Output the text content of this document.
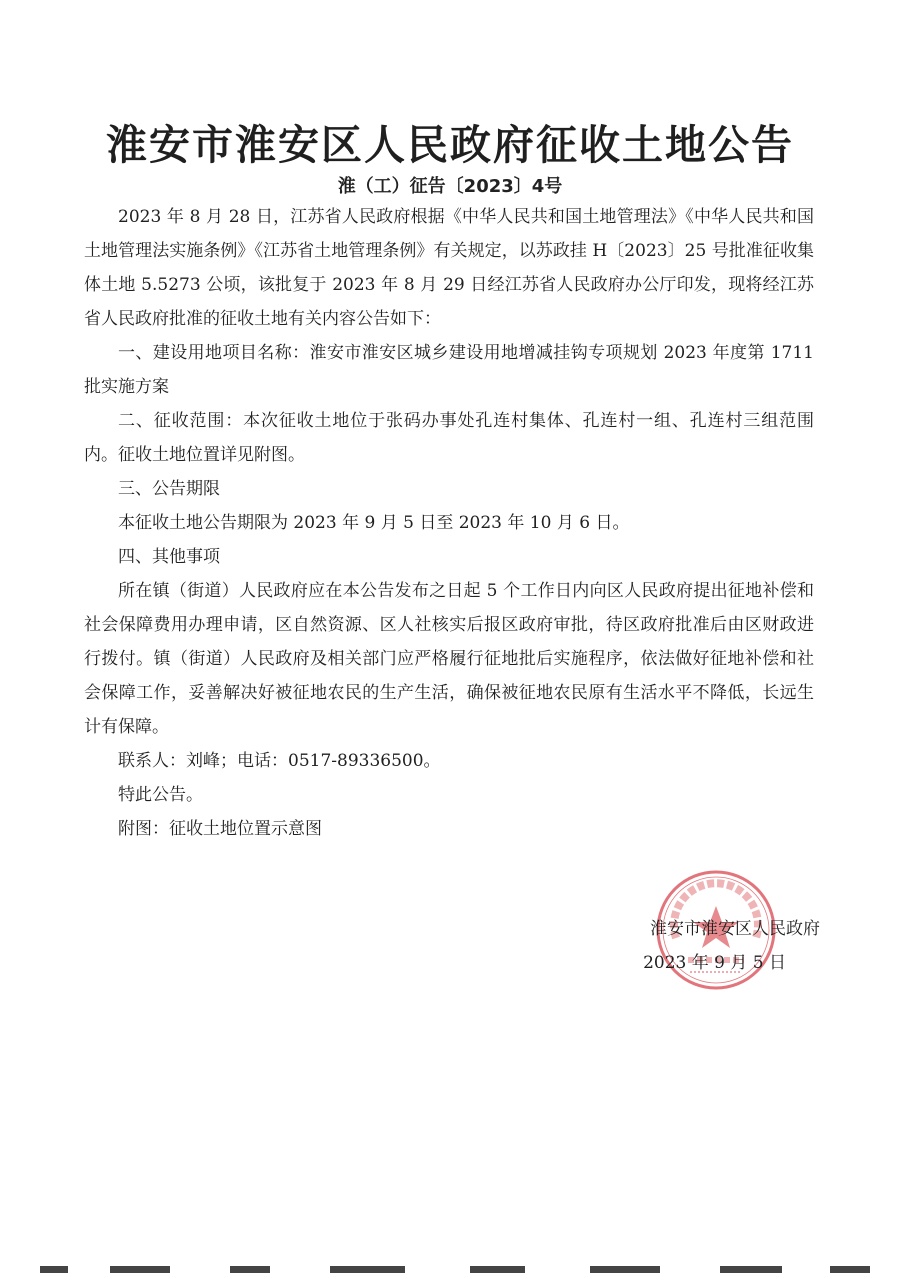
淮安市淮安区人民政府征收土地公告
淮（工）征告〔2023〕4号

2023 年 8 月 28 日，江苏省人民政府根据《中华人民共和国土地管理法》《中华人民共和国土地管理法实施条例》《江苏省土地管理条例》有关规定，以苏政挂 H〔2023〕25 号批准征收集体土地 5.5273 公顷，该批复于 2023 年 8 月 29 日经江苏省人民政府办公厅印发，现将经江苏省人民政府批准的征收土地有关内容公告如下：

一、建设用地项目名称：淮安市淮安区城乡建设用地增减挂钩专项规划 2023 年度第 1711 批实施方案

二、征收范围：本次征收土地位于张码办事处孔连村集体、孔连村一组、孔连村三组范围内。征收土地位置详见附图。

三、公告期限

本征收土地公告期限为 2023 年 9 月 5 日至 2023 年 10 月 6 日。

四、其他事项

所在镇（街道）人民政府应在本公告发布之日起 5 个工作日内向区人民政府提出征地补偿和社会保障费用办理申请，区自然资源、区人社核实后报区政府审批，待区政府批准后由区财政进行拨付。镇（街道）人民政府及相关部门应严格履行征地批后实施程序，依法做好征地补偿和社会保障工作，妥善解决好被征地农民的生产生活，确保被征地农民原有生活水平不降低，长远生计有保障。

联系人：刘峰；电话：0517-89336500。

特此公告。

附图：征收土地位置示意图

淮安市淮安区人民政府
2023 年 9 月 5 日
